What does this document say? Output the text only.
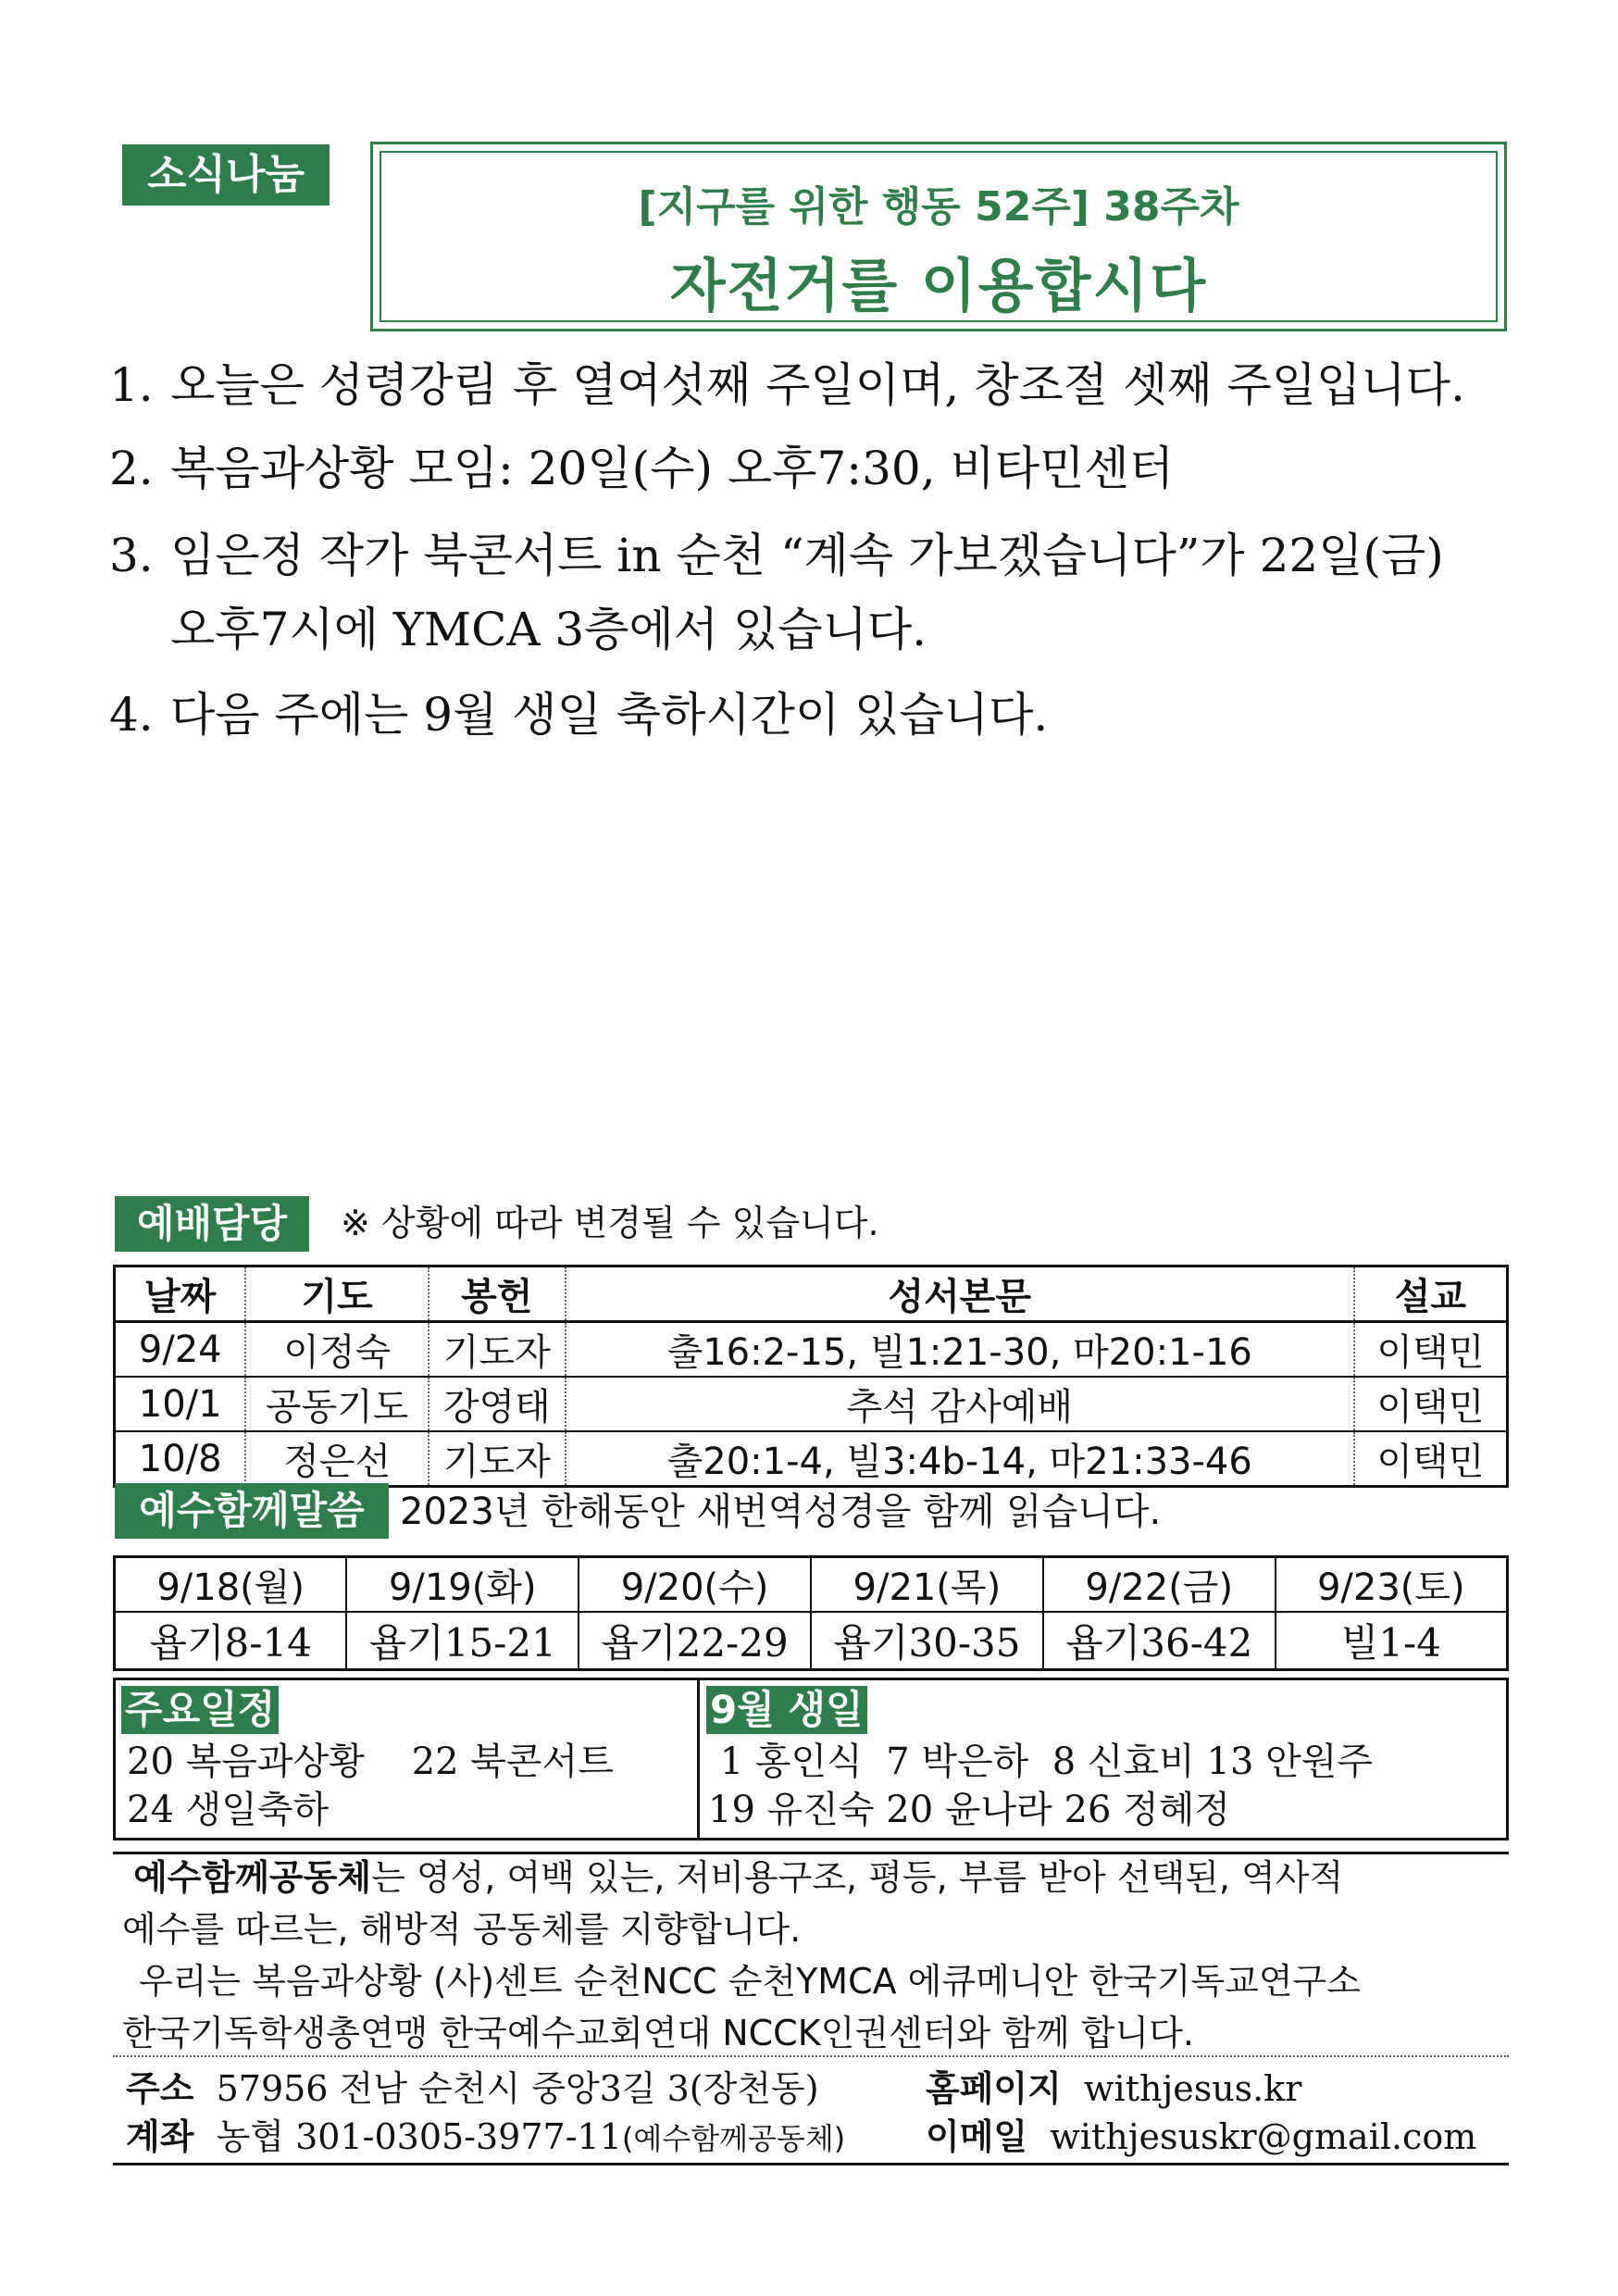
소식나눔
[지구를 위한 행동 52주] 38주차
자전거를 이용합시다
1. 오늘은 성령강림 후 열여섯째 주일이며, 창조절 셋째 주일입니다.
2. 복음과상황 모임: 20일(수) 오후7:30, 비타민센터
3. 임은정 작가 북콘서트 in 순천 “계속 가보겠습니다”가 22일(금)
오후7시에 YMCA 3층에서 있습니다.
4. 다음 주에는 9월 생일 축하시간이 있습니다.
예배담당	※ 상황에 따라 변경될 수 있습니다.
날짜	기도	봉헌	성서본문	설교
9/24	이정숙	기도자	출16:2-15, 빌1:21-30, 마20:1-16	이택민
10/1	공동기도	강영태	추석 감사예배	이택민
10/8	정은선	기도자	출20:1-4, 빌3:4b-14, 마21:33-46	이택민
예수함께말씀 2023년 한해동안 새번역성경을 함께 읽습니다.
9/18(월)	9/19(화)	9/20(수)	9/21(목)	9/22(금)	9/23(토)
욥기8-14	욥기15-21	욥기22-29	욥기30-35	욥기36-42	빌1-4
주요일정
20 복음과상황    22 북콘서트
24 생일축하
9월 생일
1 홍인식  7 박은하  8 신효비 13 안원주
19 유진숙 20 윤나라 26 정혜정

예수함께공동체는 영성, 여백 있는, 저비용구조, 평등, 부름 받아 선택된, 역사적

예수를 따르는, 해방적 공동체를 지향합니다.

우리는 복음과상황 (사)센트 순천NCC 순천YMCA 에큐메니안 한국기독교연구소

한국기독학생총연맹 한국예수교회연대 NCCK인권센터와 함께 합니다.

주소 57956 전남 순천시 중앙3길 3(장천동)	홈페이지 withjesus.kr
계좌 농협 301-0305-3977-11(예수함께공동체) 이메일 withjesuskr@gmail.com
